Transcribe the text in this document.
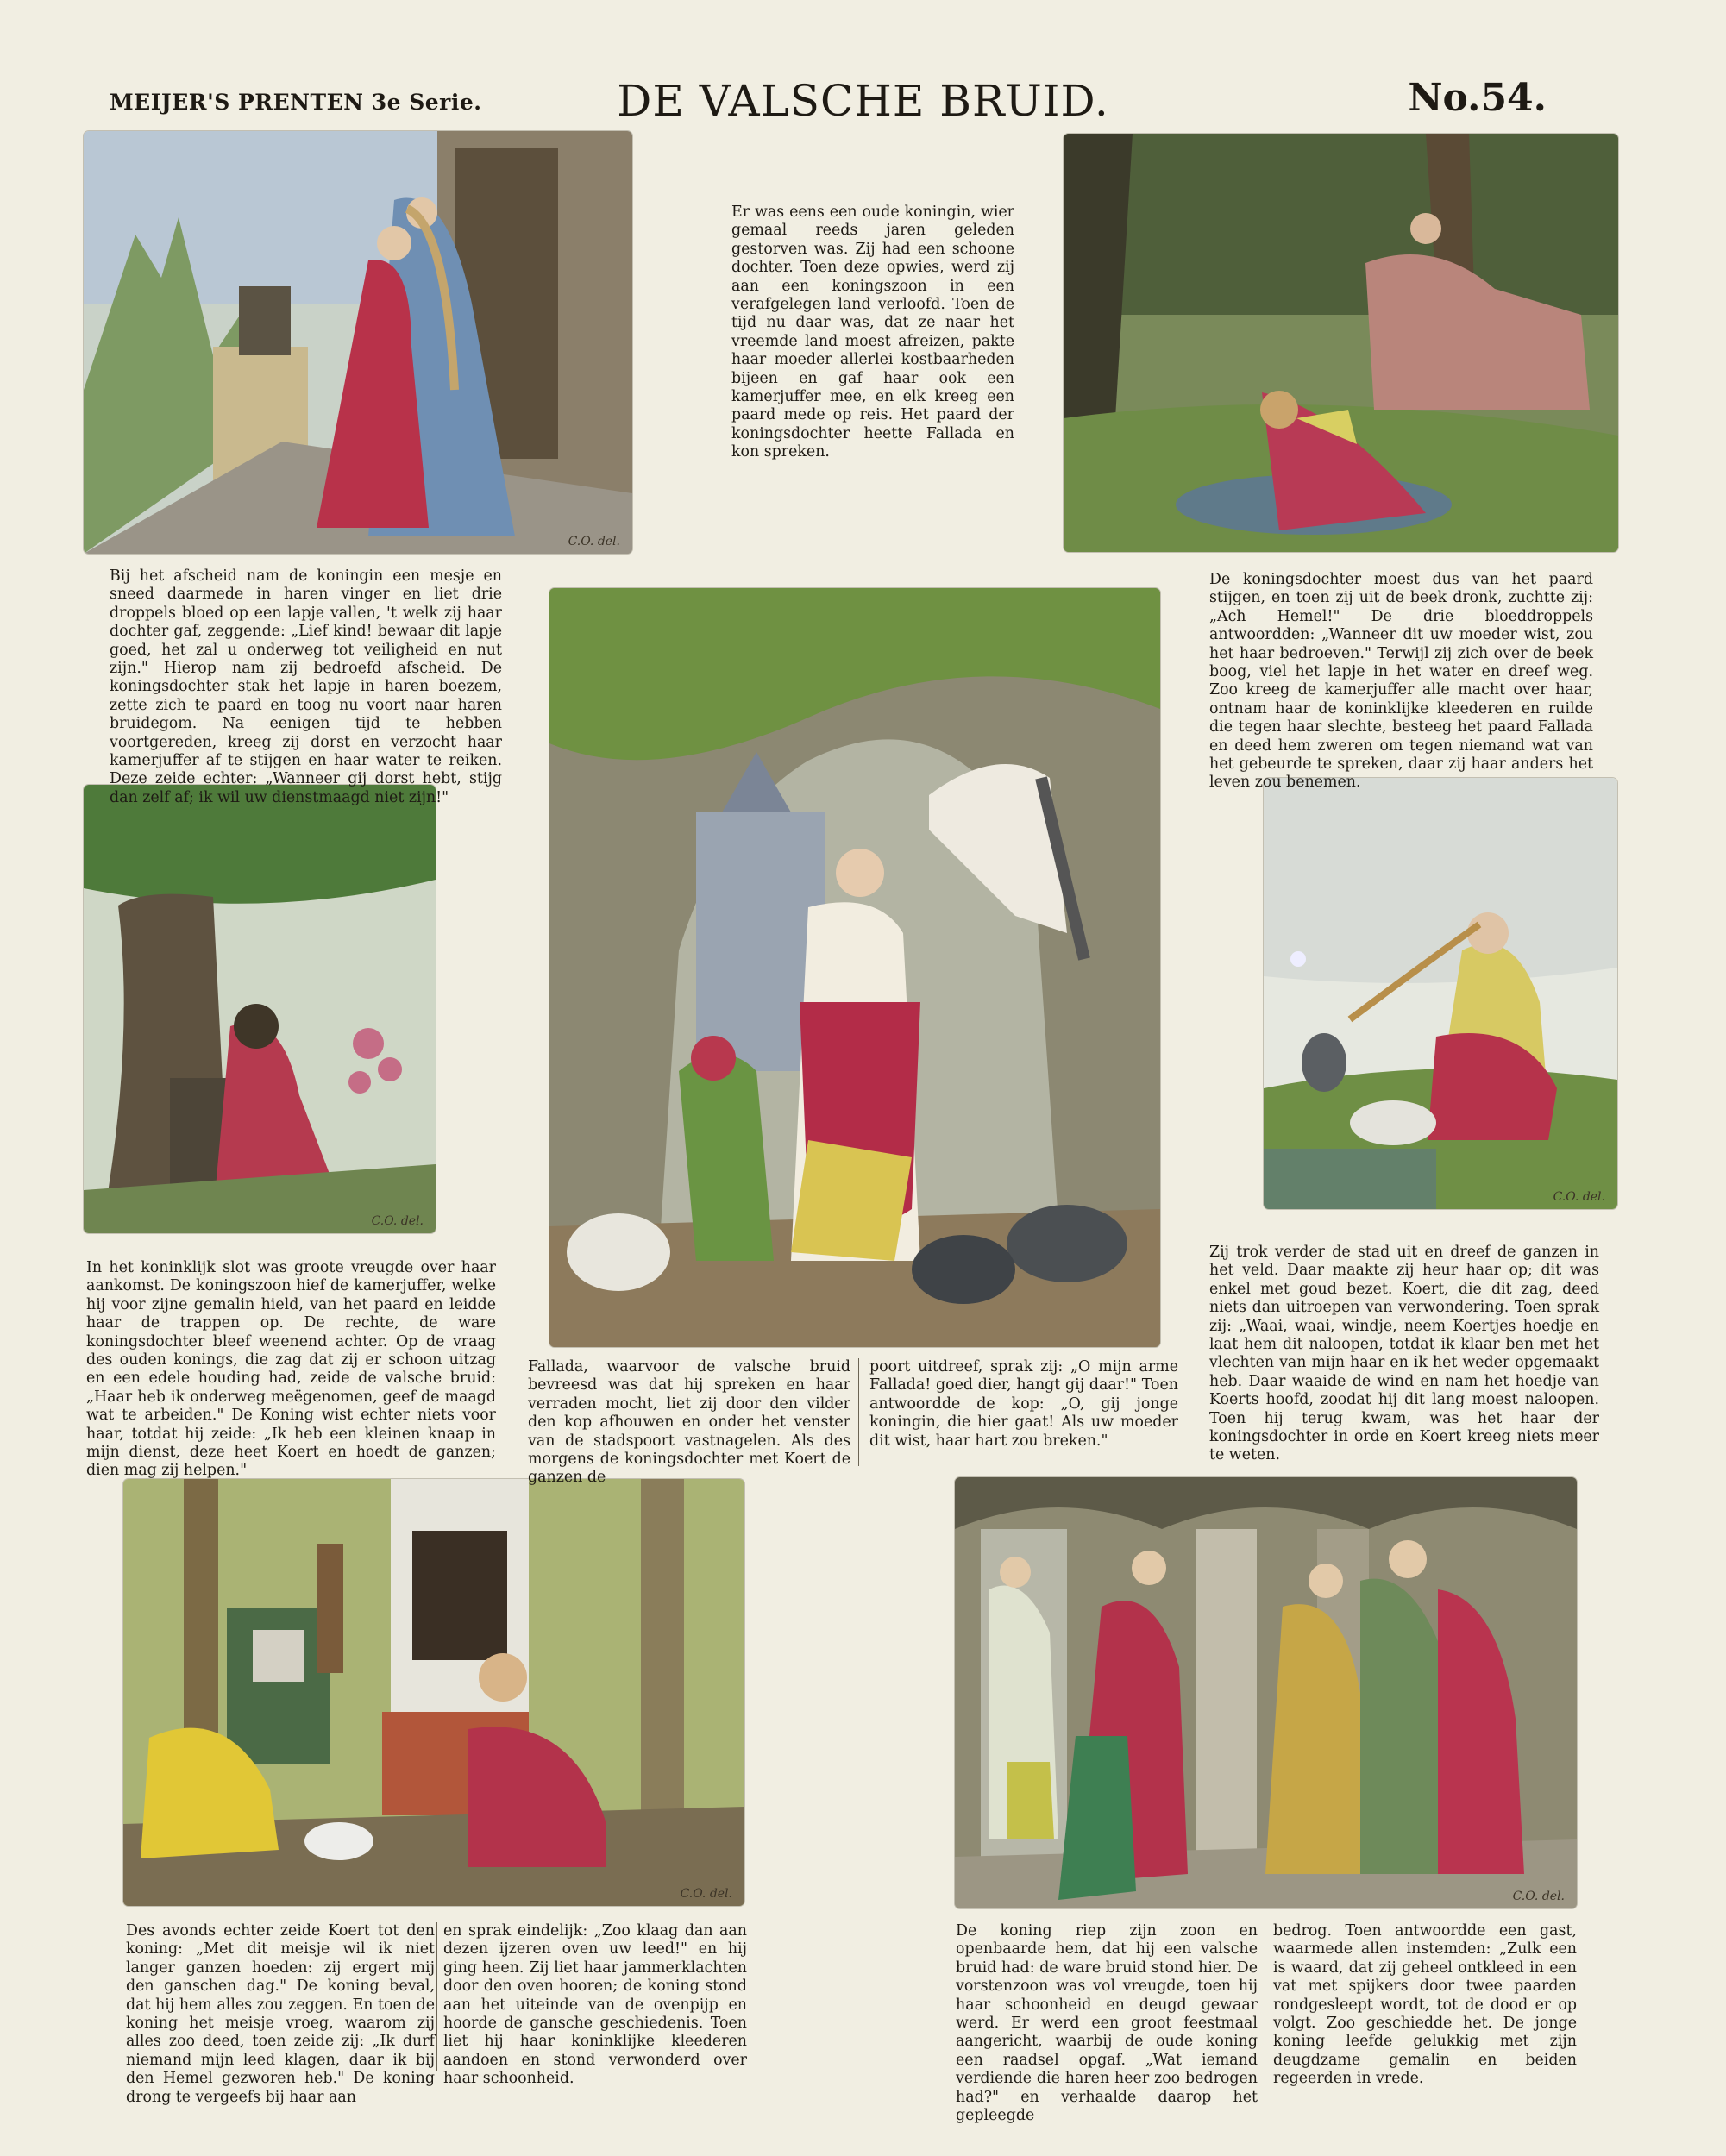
MEIJER'S PRENTEN 3e Serie.	DE VALSCHE BRUID.	No.54.
C.O. del.
C.O. del.
C.O. del.
C.O. del.	C.O. del.

Er was eens een oude koningin, wier gemaal reeds jaren geleden gestorven was. Zij had een schoone dochter. Toen deze opwies, werd zij aan een koningszoon in een verafgelegen land verloofd. Toen de tijd nu daar was, dat ze naar het vreemde land moest afreizen, pakte haar moeder allerlei kostbaarheden bijeen en gaf haar ook een kamerjuffer mee, en elk kreeg een paard mede op reis. Het paard der koningsdochter heette Fallada en kon spreken.

Bij het afscheid nam de koningin een mesje en sneed daarmede in haren vinger en liet drie droppels bloed op een lapje vallen, 't welk zij haar dochter gaf, zeggende: „Lief kind! bewaar dit lapje goed, het zal u onderweg tot veiligheid en nut zijn." Hierop nam zij bedroefd afscheid. De koningsdochter stak het lapje in haren boezem, zette zich te paard en toog nu voort naar haren bruidegom. Na eenigen tijd te hebben voortgereden, kreeg zij dorst en verzocht haar kamerjuffer af te stijgen en haar water te reiken. Deze zeide echter: „Wanneer gij dorst hebt, stijg dan zelf af; ik wil uw dienstmaagd niet zijn!"

De koningsdochter moest dus van het paard stijgen, en toen zij uit de beek dronk, zuchtte zij: „Ach Hemel!" De drie bloeddroppels antwoordden: „Wanneer dit uw moeder wist, zou het haar bedroeven." Terwijl zij zich over de beek boog, viel het lapje in het water en dreef weg. Zoo kreeg de kamerjuffer alle macht over haar, ontnam haar de koninklijke kleederen en ruilde die tegen haar slechte, besteeg het paard Fallada en deed hem zweren om tegen niemand wat van het gebeurde te spreken, daar zij haar anders het leven zou benemen.

In het koninklijk slot was groote vreugde over haar aankomst. De koningszoon hief de kamerjuffer, welke hij voor zijne gemalin hield, van het paard en leidde haar de trappen op. De rechte, de ware koningsdochter bleef weenend achter. Op de vraag des ouden konings, die zag dat zij er schoon uitzag en een edele houding had, zeide de valsche bruid: „Haar heb ik onderweg meëgenomen, geef de maagd wat te arbeiden." De Koning wist echter niets voor haar, totdat hij zeide: „Ik heb een kleinen knaap in mijn dienst, deze heet Koert en hoedt de ganzen; dien mag zij helpen."

Fallada, waarvoor de valsche bruid bevreesd was dat hij spreken en haar verraden mocht, liet zij door den vilder den kop afhouwen en onder het venster van de stadspoort vastnagelen. Als des morgens de koningsdochter met Koert de ganzen de

poort uitdreef, sprak zij: „O mijn arme Fallada! goed dier, hangt gij daar!" Toen antwoordde de kop: „O, gij jonge koningin, die hier gaat! Als uw moeder dit wist, haar hart zou breken."

Zij trok verder de stad uit en dreef de ganzen in het veld. Daar maakte zij heur haar op; dit was enkel met goud bezet. Koert, die dit zag, deed niets dan uitroepen van verwondering. Toen sprak zij: „Waai, waai, windje, neem Koertjes hoedje en laat hem dit naloopen, totdat ik klaar ben met het vlechten van mijn haar en ik het weder opgemaakt heb. Daar waaide de wind en nam het hoedje van Koerts hoofd, zoodat hij dit lang moest naloopen. Toen hij terug kwam, was het haar der koningsdochter in orde en Koert kreeg niets meer te weten.

Des avonds echter zeide Koert tot den koning: „Met dit meisje wil ik niet langer ganzen hoeden: zij ergert mij den ganschen dag." De koning beval, dat hij hem alles zou zeggen. En toen de koning het meisje vroeg, waarom zij alles zoo deed, toen zeide zij: „Ik durf niemand mijn leed klagen, daar ik bij den Hemel gezworen heb." De koning drong te vergeefs bij haar aan

en sprak eindelijk: „Zoo klaag dan aan dezen ijzeren oven uw leed!" en hij ging heen. Zij liet haar jammerklachten door den oven hooren; de koning stond aan het uiteinde van de ovenpijp en hoorde de gansche geschiedenis. Toen liet hij haar koninklijke kleederen aandoen en stond verwonderd over haar schoonheid.

De koning riep zijn zoon en openbaarde hem, dat hij een valsche bruid had: de ware bruid stond hier. De vorstenzoon was vol vreugde, toen hij haar schoonheid en deugd gewaar werd. Er werd een groot feestmaal aangericht, waarbij de oude koning een raadsel opgaf. „Wat iemand verdiende die haren heer zoo bedrogen had?" en verhaalde daarop het gepleegde

bedrog. Toen antwoordde een gast, waarmede allen instemden: „Zulk een is waard, dat zij geheel ontkleed in een vat met spijkers door twee paarden rondgesleept wordt, tot de dood er op volgt. Zoo geschiedde het. De jonge koning leefde gelukkig met zijn deugdzame gemalin en beiden regeerden in vrede.
